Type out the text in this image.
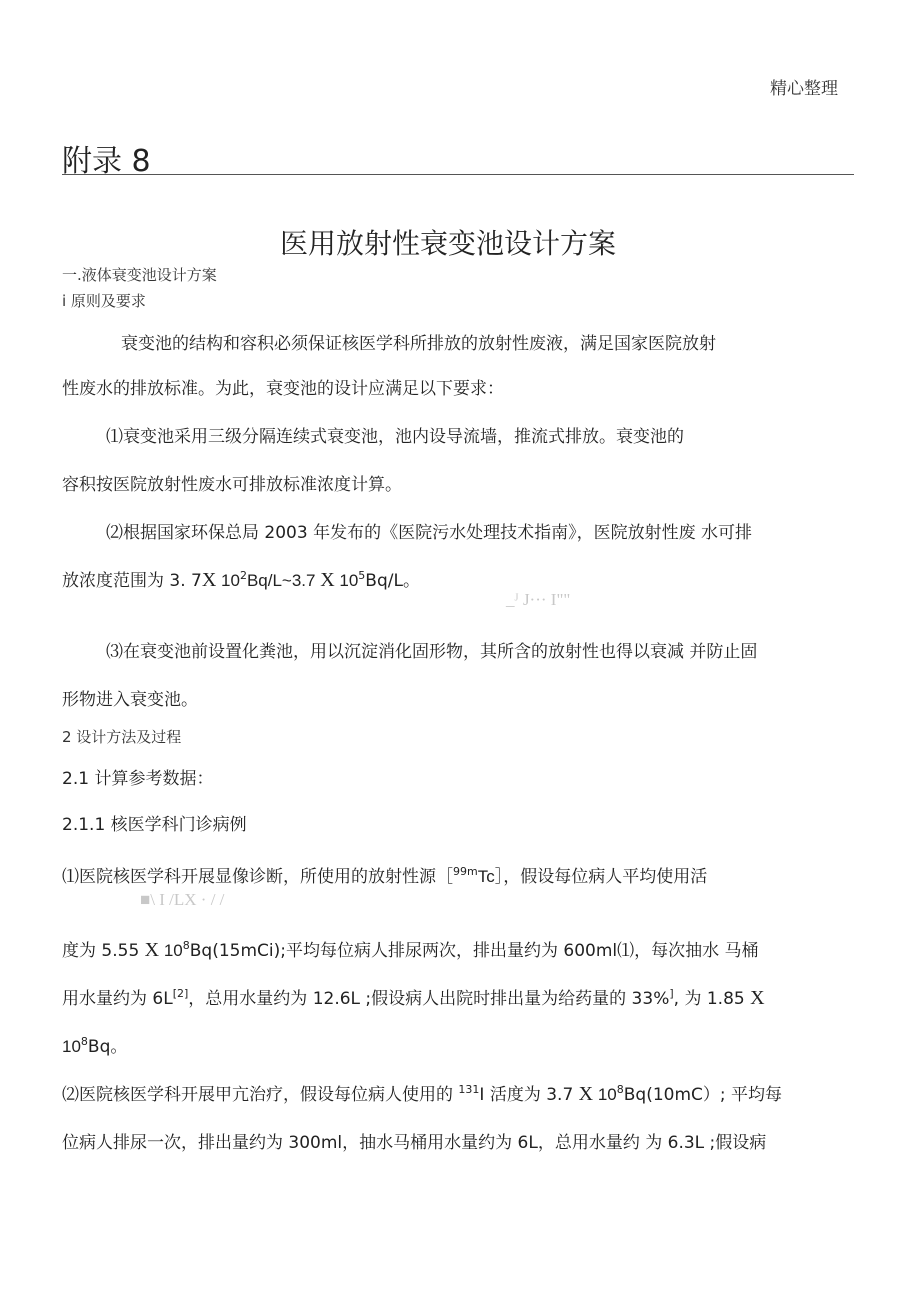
精心整理
附录 8
医用放射性衰变池设计方案
一.液体衰变池设计方案
i 原则及要求
衰变池的结构和容积必须保证核医学科所排放的放射性废液，满足国家医院放射
性废水的排放标准。为此，衰变池的设计应满足以下要求：
⑴衰变池采用三级分隔连续式衰变池，池内设导流墙，推流式排放。衰变池的
容积按医院放射性废水可排放标准浓度计算。
⑵根据国家环保总局 2003 年发布的《医院污水处理技术指南》，医院放射性废 水可排
放浓度范围为 3. 7X $10^2Bq/L\sim 3.7$ X $10^5Bq/L$。
_ᴶ J··· I""
⑶在衰变池前设置化粪池，用以沉淀消化固形物，其所含的放射性也得以衰减 并防止固
形物进入衰变池。
2 设计方法及过程
2.1 计算参考数据：
2.1.1 核医学科门诊病例
⑴医院核医学科开展显像诊断，所使用的放射性源［$^{99m}$Tc］，假设每位病人平均使用活
■\ I /LX · / /
度为 5.55 X $10^8Bq(15mCi)$;平均每位病人排尿两次，排出量约为 600ml⑴，每次抽水 马桶
用水量约为 6L[2]，总用水量约为 12.6L ;假设病人出院时排出量为给药量的 33%], 为 1.85 X
$10^8Bq$。
⑵医院核医学科开展甲亢治疗，假设每位病人使用的 $^{131}$I 活度为 3.7 X $10^8Bq(10mC)$; 平均每
位病人排尿一次，排出量约为 300ml，抽水马桶用水量约为 6L，总用水量约 为 6.3L ;假设病
